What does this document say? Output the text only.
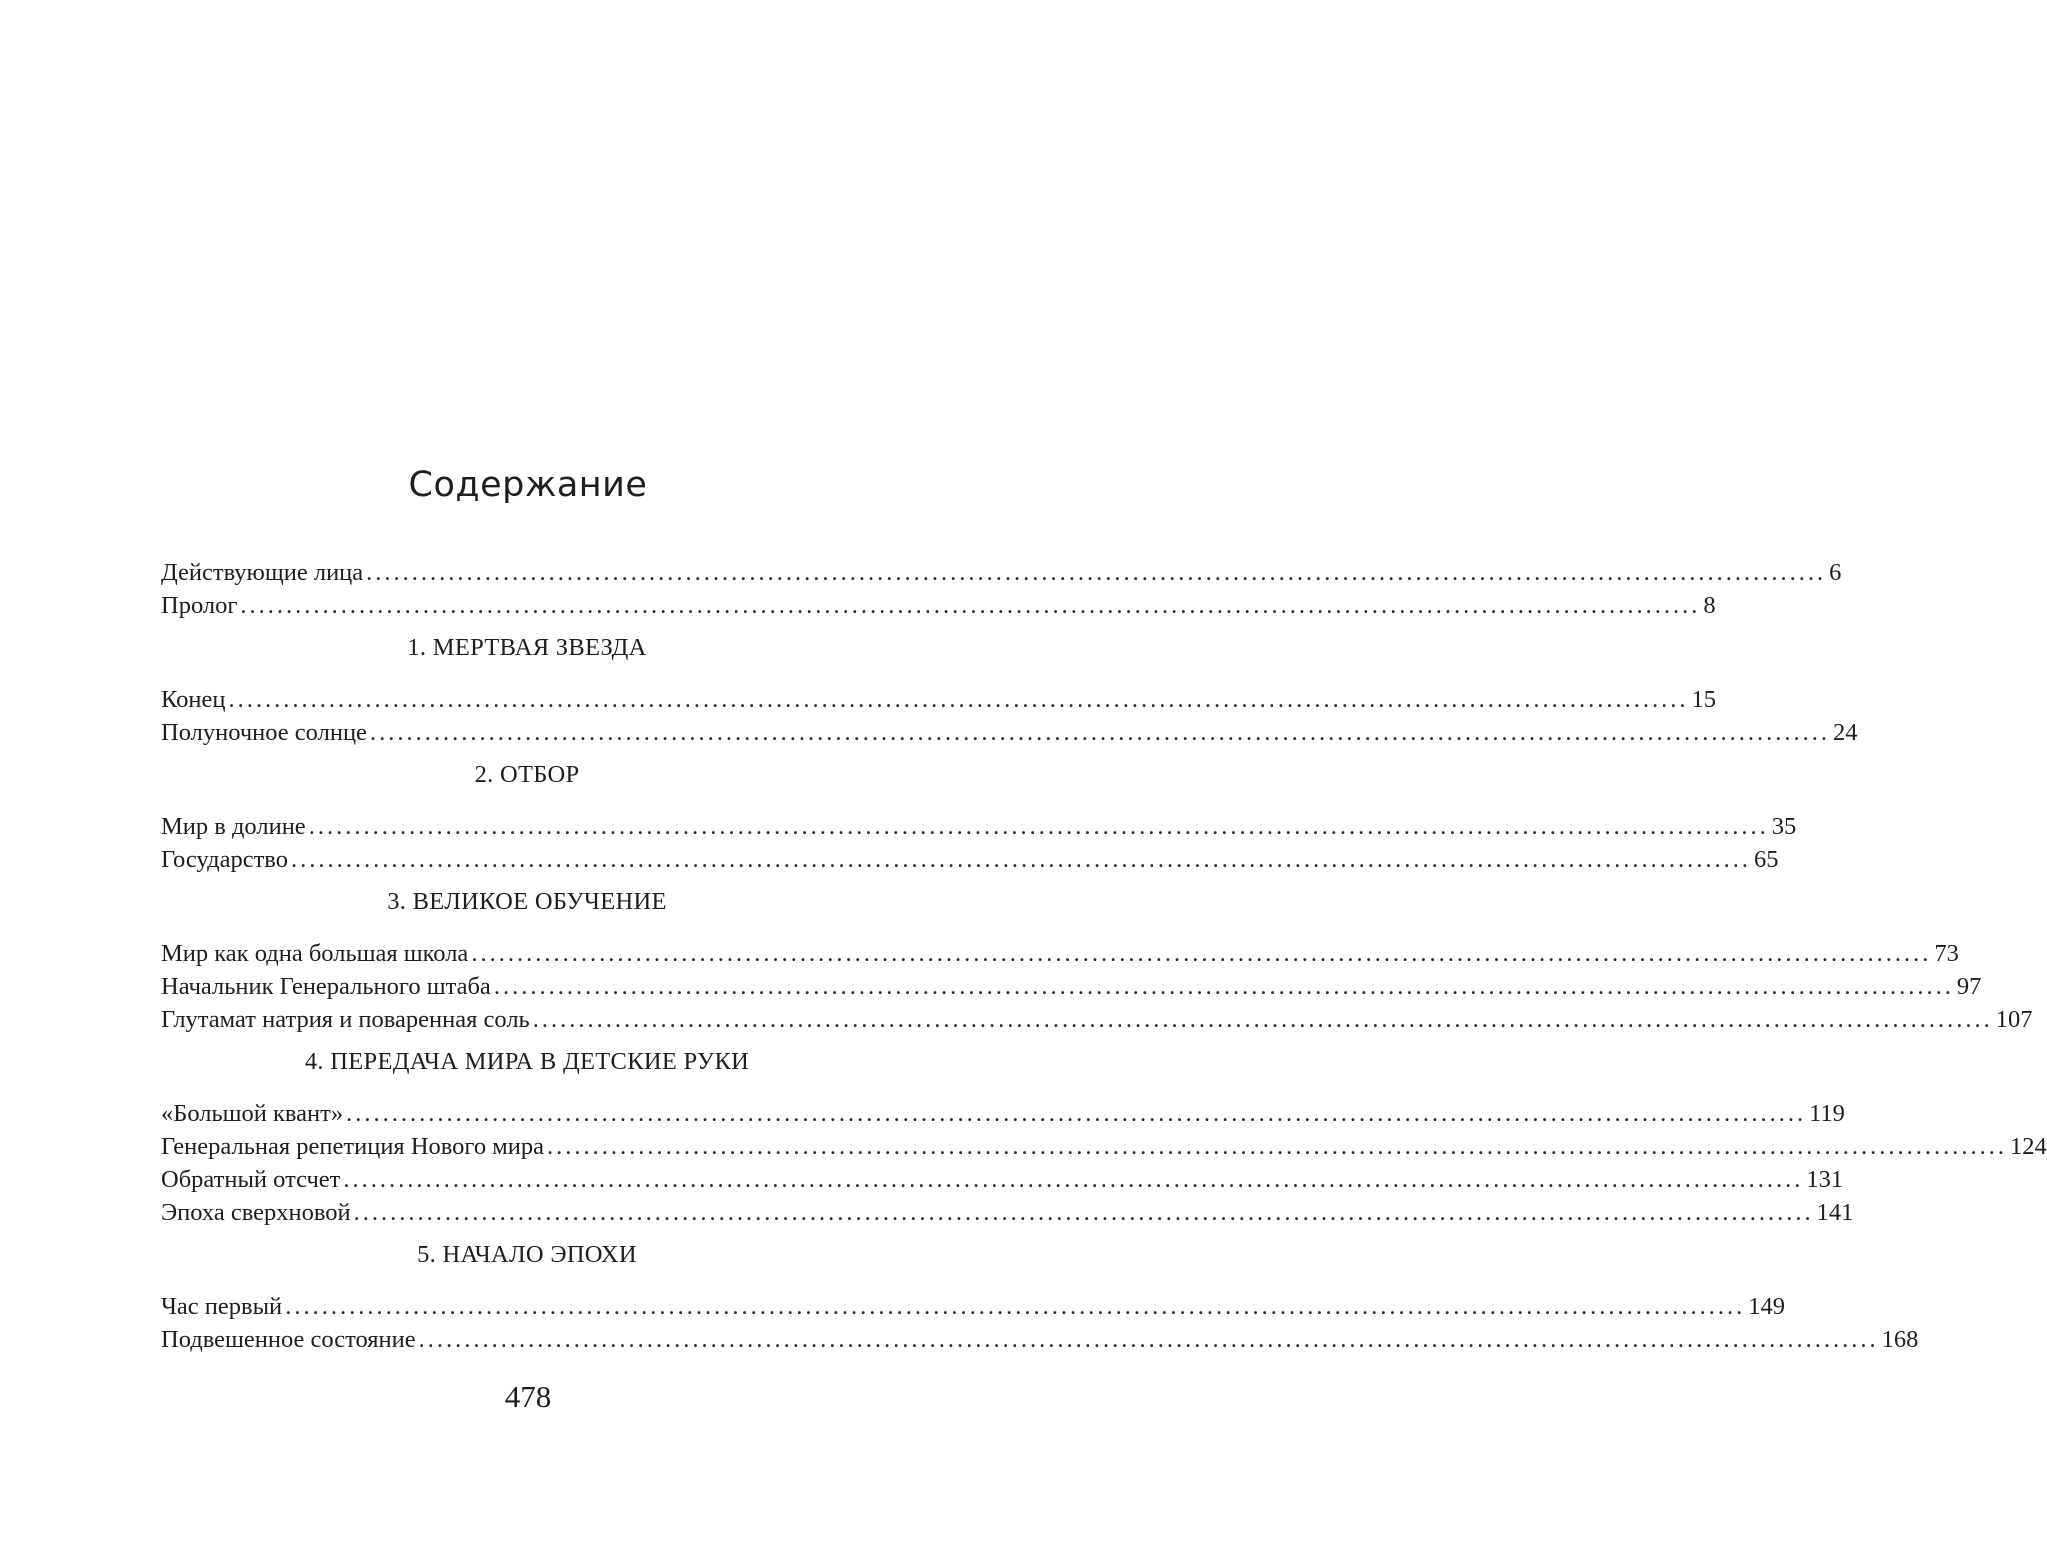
Содержание
Действующие лица ................................................................................................................................................................ 6
Пролог ................................................................................................................................................................ 8
1. МЕРТВАЯ ЗВЕЗДА
Конец ................................................................................................................................................................ 15
Полуночное солнце ................................................................................................................................................................ 24
2. ОТБОР
Мир в долине ................................................................................................................................................................ 35
Государство ................................................................................................................................................................ 65
3. ВЕЛИКОЕ ОБУЧЕНИЕ
Мир как одна большая школа ................................................................................................................................................................ 73
Начальник Генерального штаба ................................................................................................................................................................ 97
Глутамат натрия и поваренная соль ................................................................................................................................................................ 107
4. ПЕРЕДАЧА МИРА В ДЕТСКИЕ РУКИ
«Большой квант» ................................................................................................................................................................ 119
Генеральная репетиция Нового мира ................................................................................................................................................................ 124
Обратный отсчет ................................................................................................................................................................ 131
Эпоха сверхновой ................................................................................................................................................................ 141
5. НАЧАЛО ЭПОХИ
Час первый ................................................................................................................................................................ 149
Подвешенное состояние ................................................................................................................................................................ 168
478
